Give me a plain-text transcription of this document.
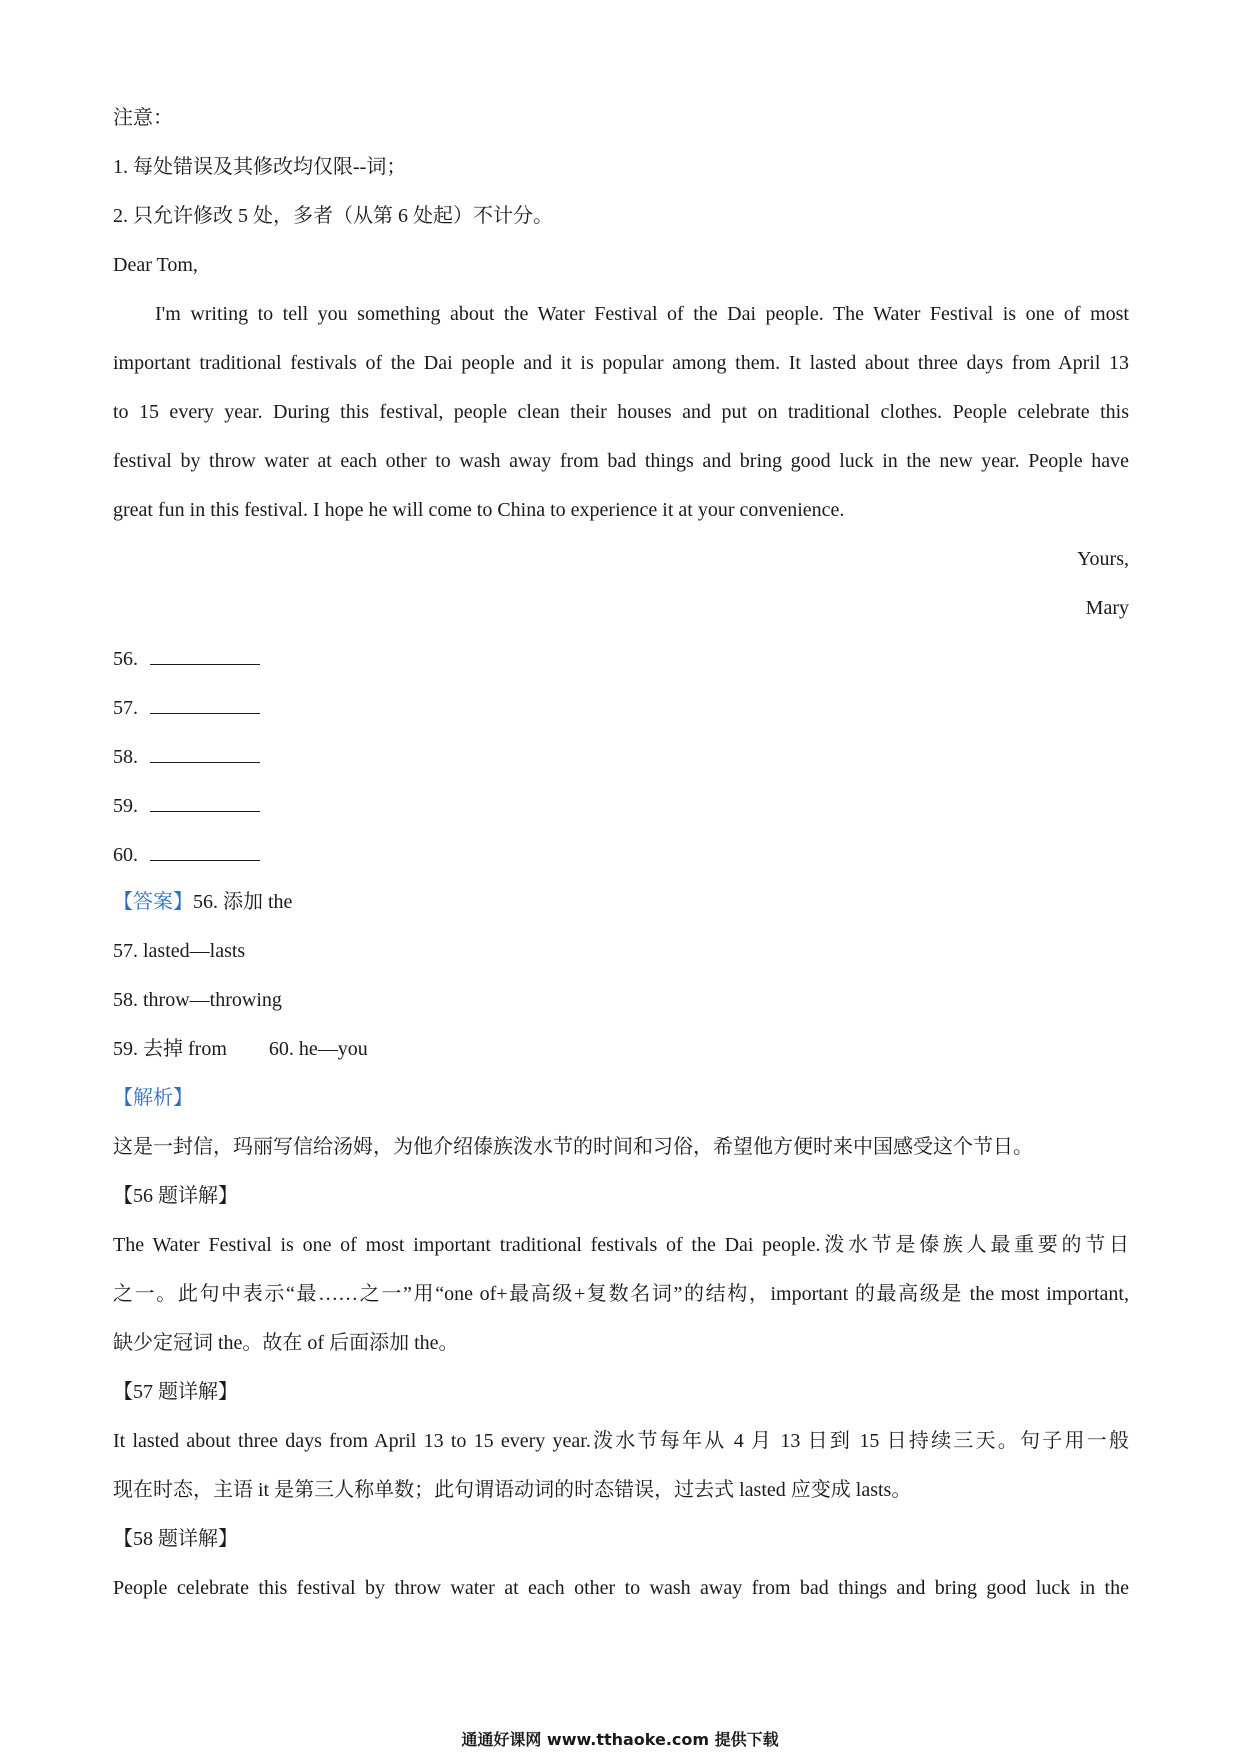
注意：
1. 每处错误及其修改均仅限--词；
2. 只允许修改 5 处，多者（从第 6 处起）不计分。
Dear Tom,
I'm writing to tell you something about the Water Festival of the Dai people. The Water Festival is one of most
important traditional festivals of the Dai people and it is popular among them. It lasted about three days from April 13
to 15 every year. During this festival, people clean their houses and put on traditional clothes. People celebrate this
festival by throw water at each other to wash away from bad things and bring good luck in the new year. People have
great fun in this festival. I hope he will come to China to experience it at your convenience.
Yours,
Mary
56.
57.
58.
59.
60.
【答案】56. 添加 the
57. lasted—lasts
58. throw—throwing
59. 去掉 from 60. he—you
【解析】
这是一封信，玛丽写信给汤姆，为他介绍傣族泼水节的时间和习俗，希望他方便时来中国感受这个节日。
【56 题详解】
The Water Festival is one of most important traditional festivals of the Dai people.泼水节是傣族人最重要的节日
之一。此句中表示“最……之一”用“one of+最高级+复数名词”的结构，important 的最高级是 the most important,
缺少定冠词 the。故在 of 后面添加 the。
【57 题详解】
It lasted about three days from April 13 to 15 every year.泼水节每年从 4 月 13 日到 15 日持续三天。句子用一般
现在时态，主语 it 是第三人称单数；此句谓语动词的时态错误，过去式 lasted 应变成 lasts。
【58 题详解】
People celebrate this festival by throw water at each other to wash away from bad things and bring good luck in the
通通好课网 www.tthaoke.com 提供下载
